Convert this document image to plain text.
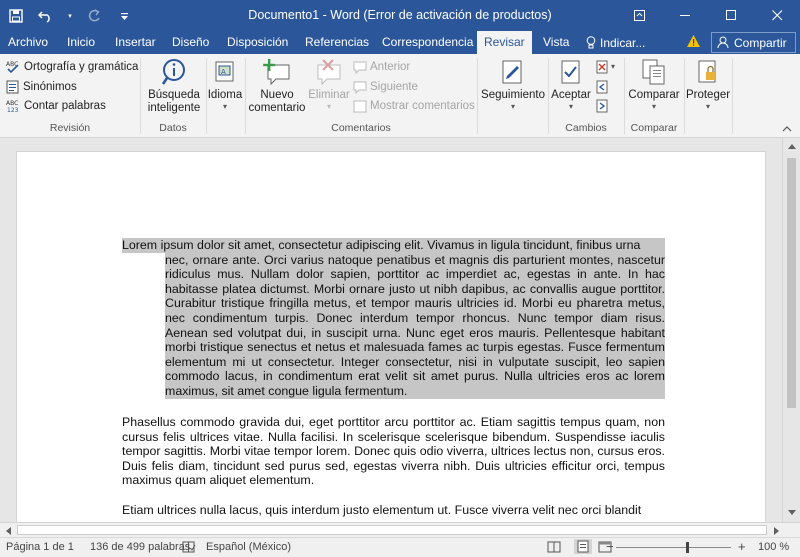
▾	Documento1 - Word (Error de activación de productos)
Archivo Inicio Insertar Diseño Disposición Referencias Correspondencia Revisar	Vista	Indicar...	Compartir
ABC Ortografía y gramática
Sinónimos
ABC
123 Contar palabras
Revisión
Búsqueda
inteligente
Datos
A
Idioma
▾
Nuevo
comentario
Eliminar
▾
Anterior
Siguiente
Mostrar comentarios
Comentarios
Seguimiento
▾
Aceptar
▾
▾
Cambios
Comparar
▾
Comparar
Proteger
▾
Lorem ipsum dolor sit amet, consectetur adipiscing elit. Vivamus in ligula tincidunt, finibus urna
nec, ornare ante. Orci varius natoque penatibus et magnis dis parturient montes, nascetur ridiculus mus. Nullam dolor sapien, porttitor ac imperdiet ac, egestas in ante. In hac habitasse platea dictumst. Morbi ornare justo ut nibh dapibus, ac convallis augue porttitor. Curabitur tristique fringilla metus, et tempor mauris ultricies id. Morbi eu pharetra metus, nec condimentum turpis. Donec interdum tempor rhoncus. Nunc tempor diam risus. Aenean sed volutpat dui, in suscipit urna. Nunc eget eros mauris. Pellentesque habitant morbi tristique senectus et netus et malesuada fames ac turpis egestas. Fusce fermentum elementum mi ut consectetur. Integer consectetur, nisi in vulputate suscipit, leo sapien commodo lacus, in condimentum erat velit sit amet purus. Nulla ultricies eros ac lorem maximus, sit amet congue ligula fermentum.
Phasellus commodo gravida dui, eget porttitor arcu porttitor ac. Etiam sagittis tempus quam, non cursus felis ultrices vitae. Nulla facilisi. In scelerisque scelerisque bibendum. Suspendisse iaculis tempor sagittis. Morbi vitae tempor lorem. Donec quis odio viverra, ultrices lectus non, cursus eros. Duis felis diam, tincidunt sed purus sed, egestas viverra nibh. Duis ultricies efficitur orci, tempus maximus quam aliquet elementum.
Etiam ultrices nulla lacus, quis interdum justo elementum ut. Fusce viverra velit nec orci blandit
Página 1 de 1 136 de 499 palabras Español (México)	−	+ 100 %
